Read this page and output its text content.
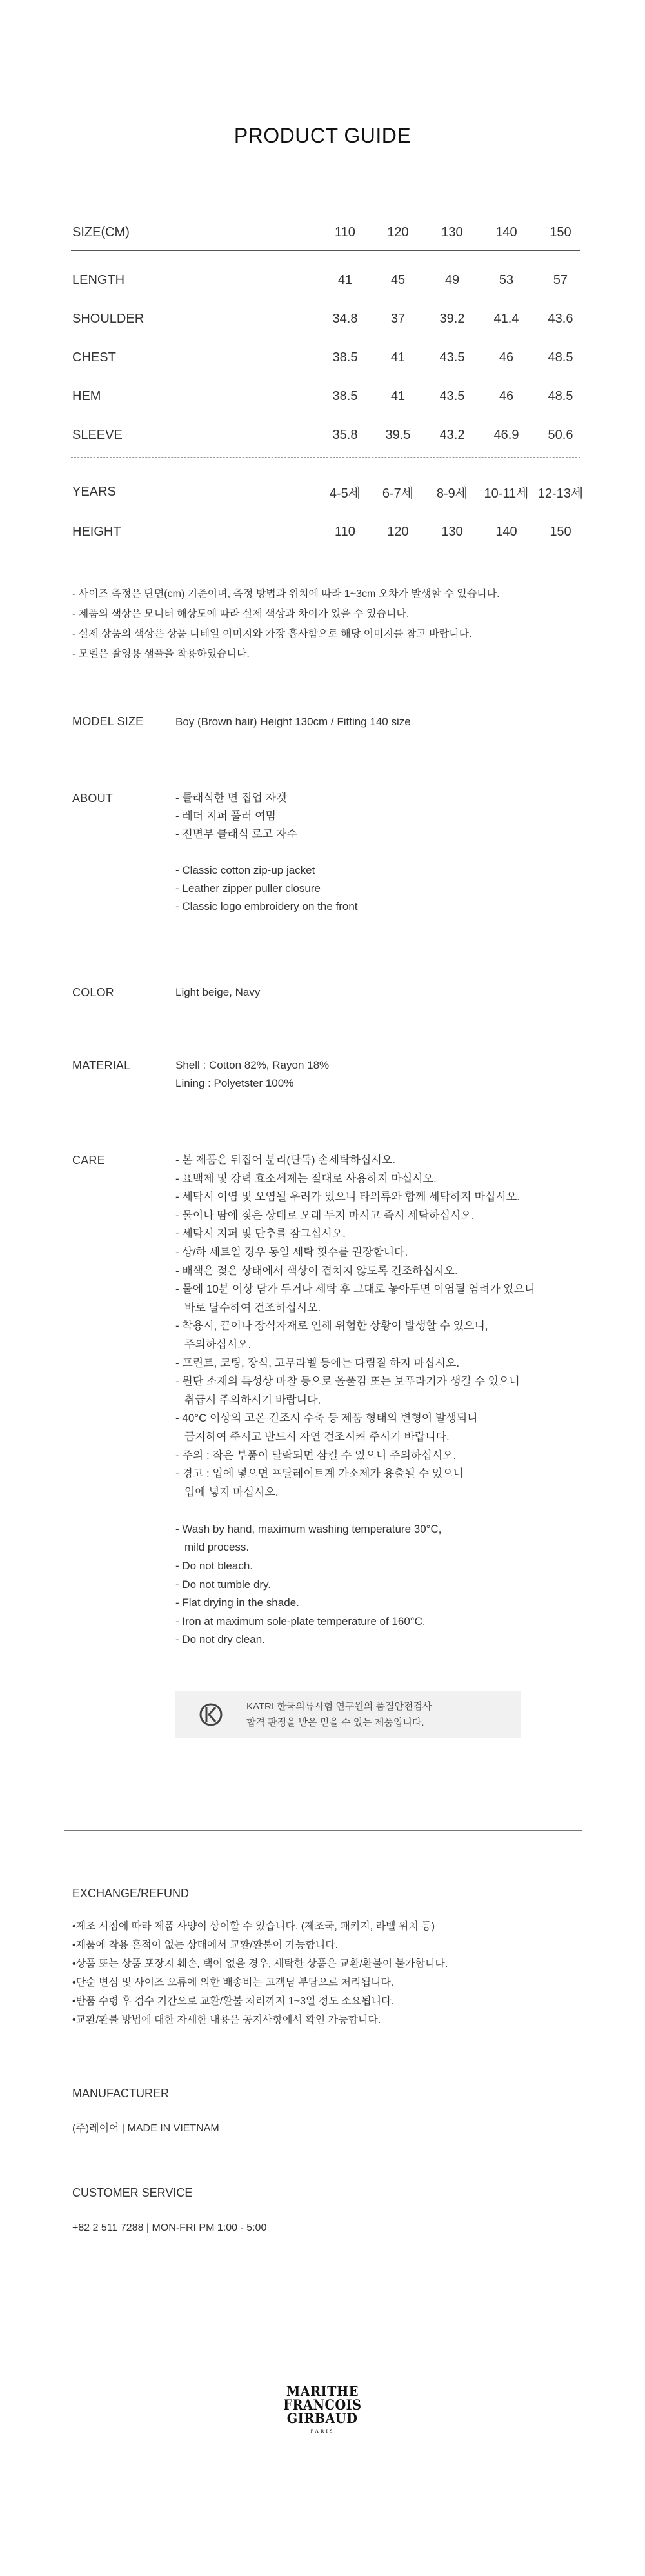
PRODUCT GUIDE
SIZE(CM)	110	120	130	140	150
LENGTH	41	45	49	53	57
SHOULDER	34.8	37	39.2	41.4	43.6
CHEST	38.5	41	43.5	46	48.5
HEM	38.5	41	43.5	46	48.5
SLEEVE	35.8	39.5	43.2	46.9	50.6
YEARS	4-5세	6-7세	8-9세	10-11세 12-13세
HEIGHT	110	120	130	140	150
- 사이즈 측정은 단면(cm) 기준이며, 측정 방법과 위치에 따라 1~3cm 오차가 발생할 수 있습니다.
- 제품의 색상은 모니터 해상도에 따라 실제 색상과 차이가 있을 수 있습니다.
- 실제 상품의 색상은 상품 디테일 이미지와 가장 흡사함으로 해당 이미지를 참고 바랍니다.
- 모델은 촬영용 샘플을 착용하였습니다.
MODEL SIZE	Boy (Brown hair) Height 130cm / Fitting 140 size
ABOUT	- 클래식한 면 집업 자켓
- 레더 지퍼 풀러 여밈
- 전면부 클래식 로고 자수
- Classic cotton zip-up jacket
- Leather zipper puller closure
- Classic logo embroidery on the front
COLOR	Light beige, Navy
MATERIAL	Shell : Cotton 82%, Rayon 18%
Lining : Polyetster 100%
CARE	- 본 제품은 뒤집어 분리(단독) 손세탁하십시오.
- 표백제 및 강력 효소세제는 절대로 사용하지 마십시오.
- 세탁시 이염 및 오염될 우려가 있으니 타의류와 함께 세탁하지 마십시오.
- 물이나 땀에 젖은 상태로 오래 두지 마시고 즉시 세탁하십시오.
- 세탁시 지퍼 및 단추를 잠그십시오.
- 상/하 세트일 경우 동일 세탁 횟수를 권장합니다.
- 배색은 젖은 상태에서 색상이 겹치지 않도록 건조하십시오.
- 물에 10분 이상 담가 두거나 세탁 후 그대로 놓아두면 이염될 염려가 있으니
바로 탈수하여 건조하십시오.
- 착용시, 끈이나 장식자재로 인해 위험한 상황이 발생할 수 있으니,
주의하십시오.
- 프린트, 코팅, 장식, 고무라벨 등에는 다림질 하지 마십시오.
- 원단 소재의 특성상 마찰 등으로 올풀김 또는 보푸라기가 생길 수 있으니
취급시 주의하시기 바랍니다.
- 40°C 이상의 고온 건조시 수축 등 제품 형태의 변형이 발생되니
금지하여 주시고 반드시 자연 건조시켜 주시기 바랍니다.
- 주의 : 작은 부품이 탈락되면 삼킬 수 있으니 주의하십시오.
- 경고 : 입에 넣으면 프탈레이트계 가소제가 용출될 수 있으니
입에 넣지 마십시오.
- Wash by hand, maximum washing temperature 30°C,
mild process.
- Do not bleach.
- Do not tumble dry.
- Flat drying in the shade.
- Iron at maximum sole-plate temperature of 160°C.
- Do not dry clean.
KATRI 한국의류시험 연구원의 품질안전검사
합격 판정을 받은 믿을 수 있는 제품입니다.
EXCHANGE/REFUND
•제조 시점에 따라 제품 사양이 상이할 수 있습니다. (제조국, 패키지, 라벨 위치 등)
•제품에 착용 흔적이 없는 상태에서 교환/환불이 가능합니다.
•상품 또는 상품 포장지 훼손, 택이 없을 경우, 세탁한 상품은 교환/환불이 불가합니다.
•단순 변심 및 사이즈 오류에 의한 배송비는 고객님 부담으로 처리됩니다.
•반품 수령 후 검수 기간으로 교환/환불 처리까지 1~3일 정도 소요됩니다.
•교환/환불 방법에 대한 자세한 내용은 공지사항에서 확인 가능합니다.
MANUFACTURER
(주)레이어 | MADE IN VIETNAM
CUSTOMER SERVICE
+82 2 511 7288 | MON-FRI PM 1:00 - 5:00
MARITHE
FRANCOIS
GIRBAUD
PARIS
